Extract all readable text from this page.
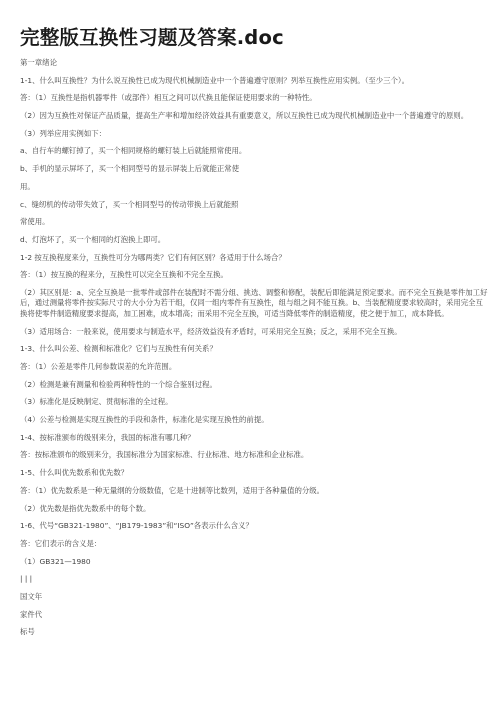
完整版互换性习题及答案.doc

第一章绪论

1-1、什么叫互换性？为什么说互换性已成为现代机械制造业中一个普遍遵守原则？列举互换性应用实例。（至少三个）。

答：（1）互换性是指机器零件（或部件）相互之间可以代换且能保证使用要求的一种特性。

（2）因为互换性对保证产品质量，提高生产率和增加经济效益具有重要意义，所以互换性已成为现代机械制造业中一个普遍遵守的原则。

（3）列举应用实例如下：

a、自行车的螺钉掉了，买一个相同规格的螺钉装上后就能照常使用。

b、手机的显示屏坏了，买一个相同型号的显示屏装上后就能正常使

用。

c、缝纫机的传动带失效了，买一个相同型号的传动带换上后就能照

常使用。

d、灯泡坏了，买一个相同的灯泡换上即可。

1-2 按互换程度来分，互换性可分为哪两类？它们有何区别？各适用于什么场合？

答：（1）按互换的程来分，互换性可以完全互换和不完全互换。

（2）其区别是：a、完全互换是一批零件或部件在装配时不需分组、挑选、调整和修配，装配后即能满足预定要求。而不完全互换是零件加工好后，通过测量将零件按实际尺寸的大小分为若干组，仅同一组内零件有互换性，组与组之间不能互换。b、当装配精度要求较高时，采用完全互换将使零件制造精度要求提高，加工困难，成本增高；而采用不完全互换，可适当降低零件的制造精度，使之便于加工，成本降低。

（3）适用场合：一般来说，使用要求与制造水平，经济效益没有矛盾时，可采用完全互换；反之，采用不完全互换。

1-3、什么叫公差、检测和标准化？它们与互换性有何关系？

答：（1）公差是零件几何参数误差的允许范围。

（2）检测是兼有测量和检验两种特性的一个综合鉴别过程。

（3）标准化是反映制定、贯彻标准的全过程。

（4）公差与检测是实现互换性的手段和条件，标准化是实现互换性的前提。

1-4、按标准颁布的级别来分，我国的标准有哪几种？

答：按标准颁布的级别来分，我国标准分为国家标准、行业标准、地方标准和企业标准。

1-5、什么叫优先数系和优先数？

答：（1）优先数系是一种无量纲的分级数值，它是十进制等比数列，适用于各种量值的分级。

（2）优先数是指优先数系中的每个数。

1-6、代号“GB321-1980”、“JB179-1983”和“ISO”各表示什么含义？

答：它们表示的含义是：

（1）GB321—1980

| | |

国文年

家件代

标号
